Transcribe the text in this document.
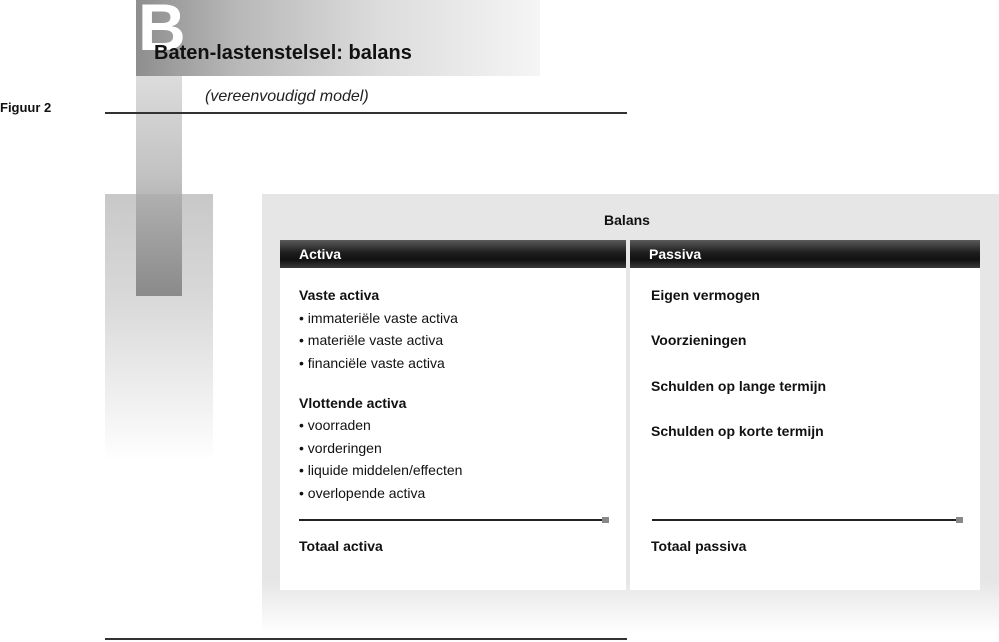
B
Baten-lastenstelsel: balans
(vereenvoudigd model)
Figuur 2
Balans
Activa
Vaste activa
• immateriële vaste activa
• materiële vaste activa
• financiële vaste activa
Vlottende activa
• voorraden
• vorderingen
• liquide middelen/effecten
• overlopende activa
Totaal activa
Passiva
Eigen vermogen
Voorzieningen
Schulden op lange termijn
Schulden op korte termijn
Totaal passiva
